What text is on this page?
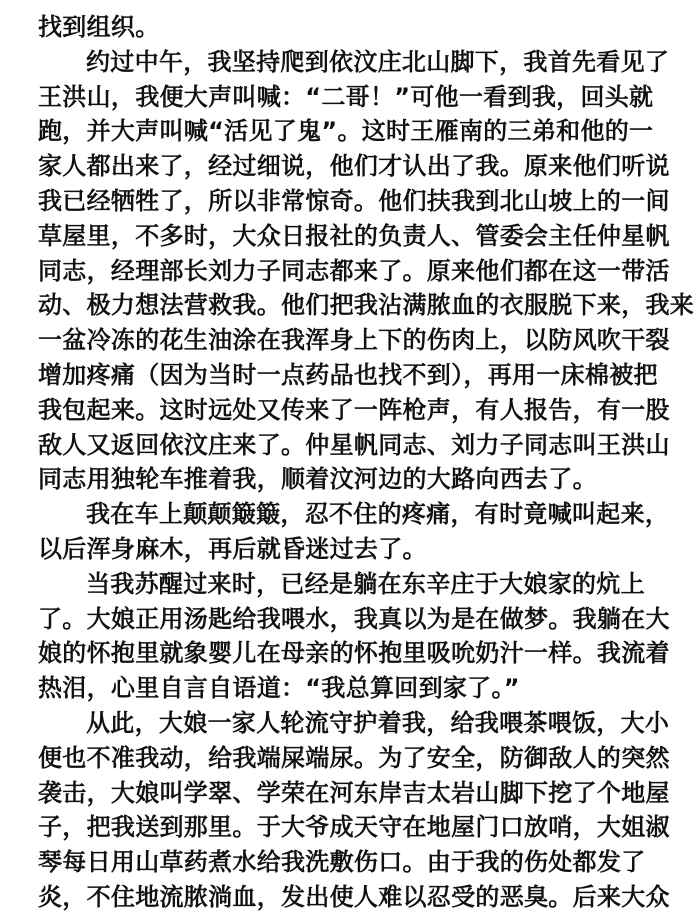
找到组织。
约过中午，我坚持爬到依汶庄北山脚下，我首先看见了
王洪山，我便大声叫喊：“二哥！”可他一看到我，回头就
跑，并大声叫喊“活见了鬼”。这时王雁南的三弟和他的一
家人都出来了，经过细说，他们才认出了我。原来他们听说
我已经牺牲了，所以非常惊奇。他们扶我到北山坡上的一间
草屋里，不多时，大众日报社的负责人、管委会主任仲星帆
同志，经理部长刘力子同志都来了。原来他们都在这一带活
动、极力想法营救我。他们把我沾满脓血的衣服脱下来，我来
一盆冷冻的花生油涂在我浑身上下的伤肉上，以防风吹干裂
增加疼痛（因为当时一点药品也找不到），再用一床棉被把
我包起来。这时远处又传来了一阵枪声，有人报告，有一股
敌人又返回依汶庄来了。仲星帆同志、刘力子同志叫王洪山
同志用独轮车推着我，顺着汶河边的大路向西去了。
我在车上颠颠簸簸，忍不住的疼痛，有时竟喊叫起来，
以后浑身麻木，再后就昏迷过去了。
当我苏醒过来时，已经是躺在东辛庄于大娘家的炕上
了。大娘正用汤匙给我喂水，我真以为是在做梦。我躺在大
娘的怀抱里就象婴儿在母亲的怀抱里吸吮奶汁一样。我流着
热泪，心里自言自语道：“我总算回到家了。”
从此，大娘一家人轮流守护着我，给我喂茶喂饭，大小
便也不准我动，给我端屎端尿。为了安全，防御敌人的突然
袭击，大娘叫学翠、学荣在河东岸吉太岩山脚下挖了个地屋
子，把我送到那里。于大爷成天守在地屋门口放哨，大姐淑
琴每日用山草药煮水给我洗敷伤口。由于我的伤处都发了
炎，不住地流脓淌血，发出使人难以忍受的恶臭。后来大众
